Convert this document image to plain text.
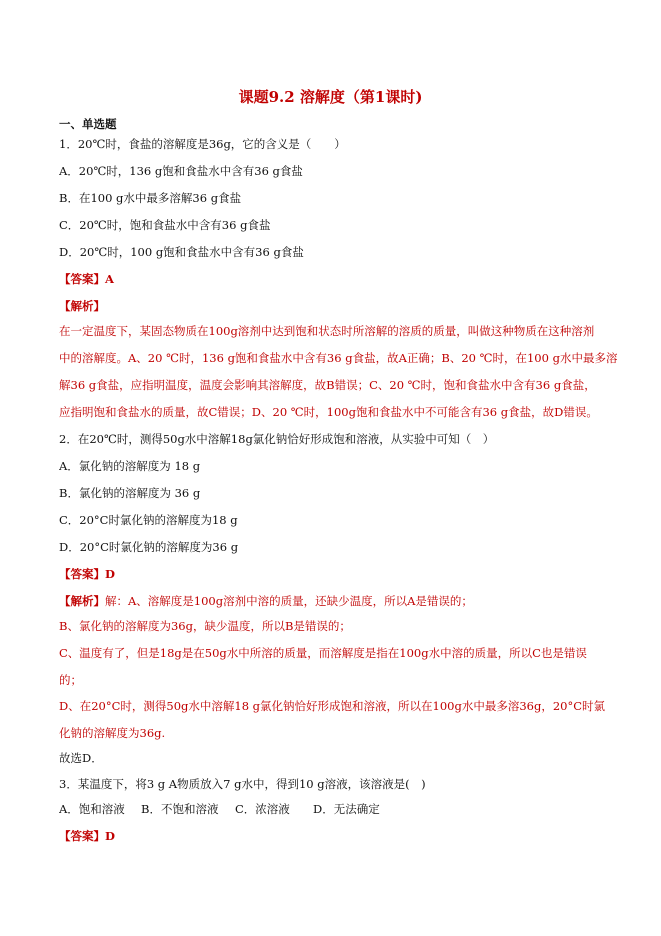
课题9.2 溶解度（第1课时)
一、单选题
1．20℃时，食盐的溶解度是36g，它的含义是（　　）
A．20℃时，136 g饱和食盐水中含有36 g食盐
B．在100 g水中最多溶解36 g食盐
C．20℃时，饱和食盐水中含有36 g食盐
D．20℃时，100 g饱和食盐水中含有36 g食盐
【答案】A
【解析】
在一定温度下，某固态物质在100g溶剂中达到饱和状态时所溶解的溶质的质量，叫做这种物质在这种溶剂
中的溶解度。A、20 ℃时，136 g饱和食盐水中含有36 g食盐，故A正确；B、20 ℃时，在100 g水中最多溶
解36 g食盐，应指明温度，温度会影响其溶解度，故B错误；C、20 ℃时，饱和食盐水中含有36 g食盐，
应指明饱和食盐水的质量，故C错误；D、20 ℃时，100g饱和食盐水中不可能含有36 g食盐，故D错误。
2．在20℃时，测得50g水中溶解18g氯化钠恰好形成饱和溶液，从实验中可知（　）
A．氯化钠的溶解度为 18 g
B．氯化钠的溶解度为 36 g
C．20°C时氯化钠的溶解度为18 g
D．20°C时氯化钠的溶解度为36 g
【答案】D
【解析】解：A、溶解度是100g溶剂中溶的质量，还缺少温度，所以A是错误的；
B、氯化钠的溶解度为36g，缺少温度，所以B是错误的；
C、温度有了，但是18g是在50g水中所溶的质量，而溶解度是指在100g水中溶的质量，所以C也是错误
的；
D、在20°C时，测得50g水中溶解18 g氯化钠恰好形成饱和溶液，所以在100g水中最多溶36g，20°C时氯
化钠的溶解度为36g.
故选D．
3．某温度下，将3 g A物质放入7 g水中，得到10 g溶液，该溶液是(　)
A．饱和溶液 B．不饱和溶液 C．浓溶液 D．无法确定
【答案】D
